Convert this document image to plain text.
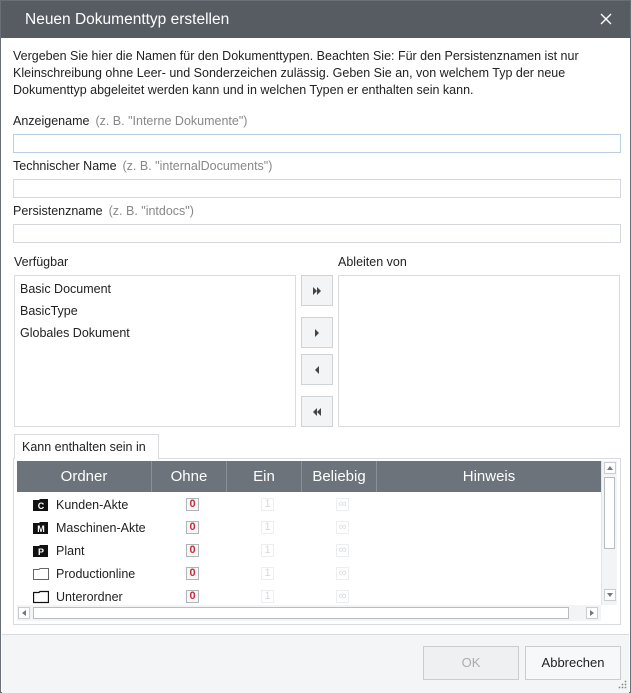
Neuen Dokumenttyp erstellen
Vergeben Sie hier die Namen für den Dokumenttypen. Beachten Sie: Für den Persistenznamen ist nur Kleinschreibung ohne Leer- und Sonderzeichen zulässig. Geben Sie an, von welchem Typ der neue Dokumenttyp abgeleitet werden kann und in welchen Typen er enthalten sein kann.
Anzeigename (z. B. "Interne Dokumente")
Technischer Name (z. B. "internalDocuments")
Persistenzname (z. B. "intdocs")
Verfügbar	Ableiten von
Basic Document
BasicType
Globales Dokument
Kann enthalten sein in
Ordner	Ohne	Ein	Beliebig	Hinweis
C Kunden-Akte	0	1	∞
M Maschinen-Akte	0	1	∞
P Plant	0	1	∞
Productionline	0	1	∞
Unterordner	0	1	∞
OK	Abbrechen
